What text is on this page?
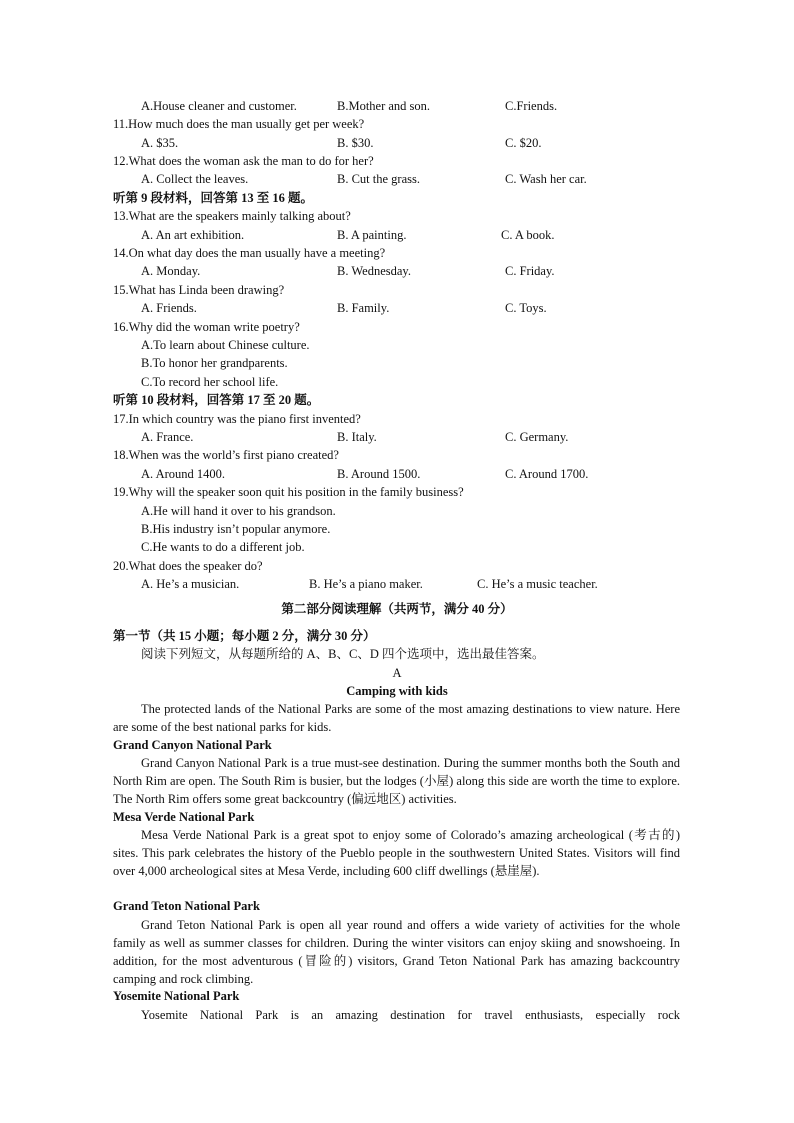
A.House cleaner and customer.	B.Mother and son.	C.Friends.
11.How much does the man usually get per week?
A. $35.	B. $30.	C. $20.
12.What does the woman ask the man to do for her?
A. Collect the leaves.	B. Cut the grass.	C. Wash her car.
听第 9 段材料，回答第 13 至 16 题。
13.What are the speakers mainly talking about?
A. An art exhibition.	B. A painting.	C. A book.
14.On what day does the man usually have a meeting?
A. Monday.	B. Wednesday.	C. Friday.
15.What has Linda been drawing?
A. Friends.	B. Family.	C. Toys.
16.Why did the woman write poetry?
A.To learn about Chinese culture.
B.To honor her grandparents.
C.To record her school life.
听第 10 段材料，回答第 17 至 20 题。
17.In which country was the piano first invented?
A. France.	B. Italy.	C. Germany.
18.When was the world’s first piano created?
A. Around 1400.	B. Around 1500.	C. Around 1700.
19.Why will the speaker soon quit his position in the family business?
A.He will hand it over to his grandson.
B.His industry isn’t popular anymore.
C.He wants to do a different job.
20.What does the speaker do?
A. He’s a musician.	B. He’s a piano maker.	C. He’s a music teacher.
第二部分阅读理解（共两节，满分 40 分）
第一节（共 15 小题；每小题 2 分，满分 30 分）
阅读下列短文，从每题所给的 A、B、C、D 四个选项中，选出最佳答案。
A
Camping with kids
The protected lands of the National Parks are some of the most amazing destinations to view nature. Here are some of the best national parks for kids.
Grand Canyon National Park
Grand Canyon National Park is a true must-see destination. During the summer months both the South and North Rim are open. The South Rim is busier, but the lodges (小屋) along this side are worth the time to explore. The North Rim offers some great backcountry (偏远地区) activities.
Mesa Verde National Park
Mesa Verde National Park is a great spot to enjoy some of Colorado’s amazing archeological (考古的) sites. This park celebrates the history of the Pueblo people in the southwestern United States. Visitors will find over 4,000 archeological sites at Mesa Verde, including 600 cliff dwellings (悬崖屋).
Grand Teton National Park
Grand Teton National Park is open all year round and offers a wide variety of activities for the whole family as well as summer classes for children. During the winter visitors can enjoy skiing and snowshoeing. In addition, for the most adventurous (冒险的) visitors, Grand Teton National Park has amazing backcountry camping and rock climbing.
Yosemite National Park
Yosemite National Park is an amazing destination for travel enthusiasts, especially rock
